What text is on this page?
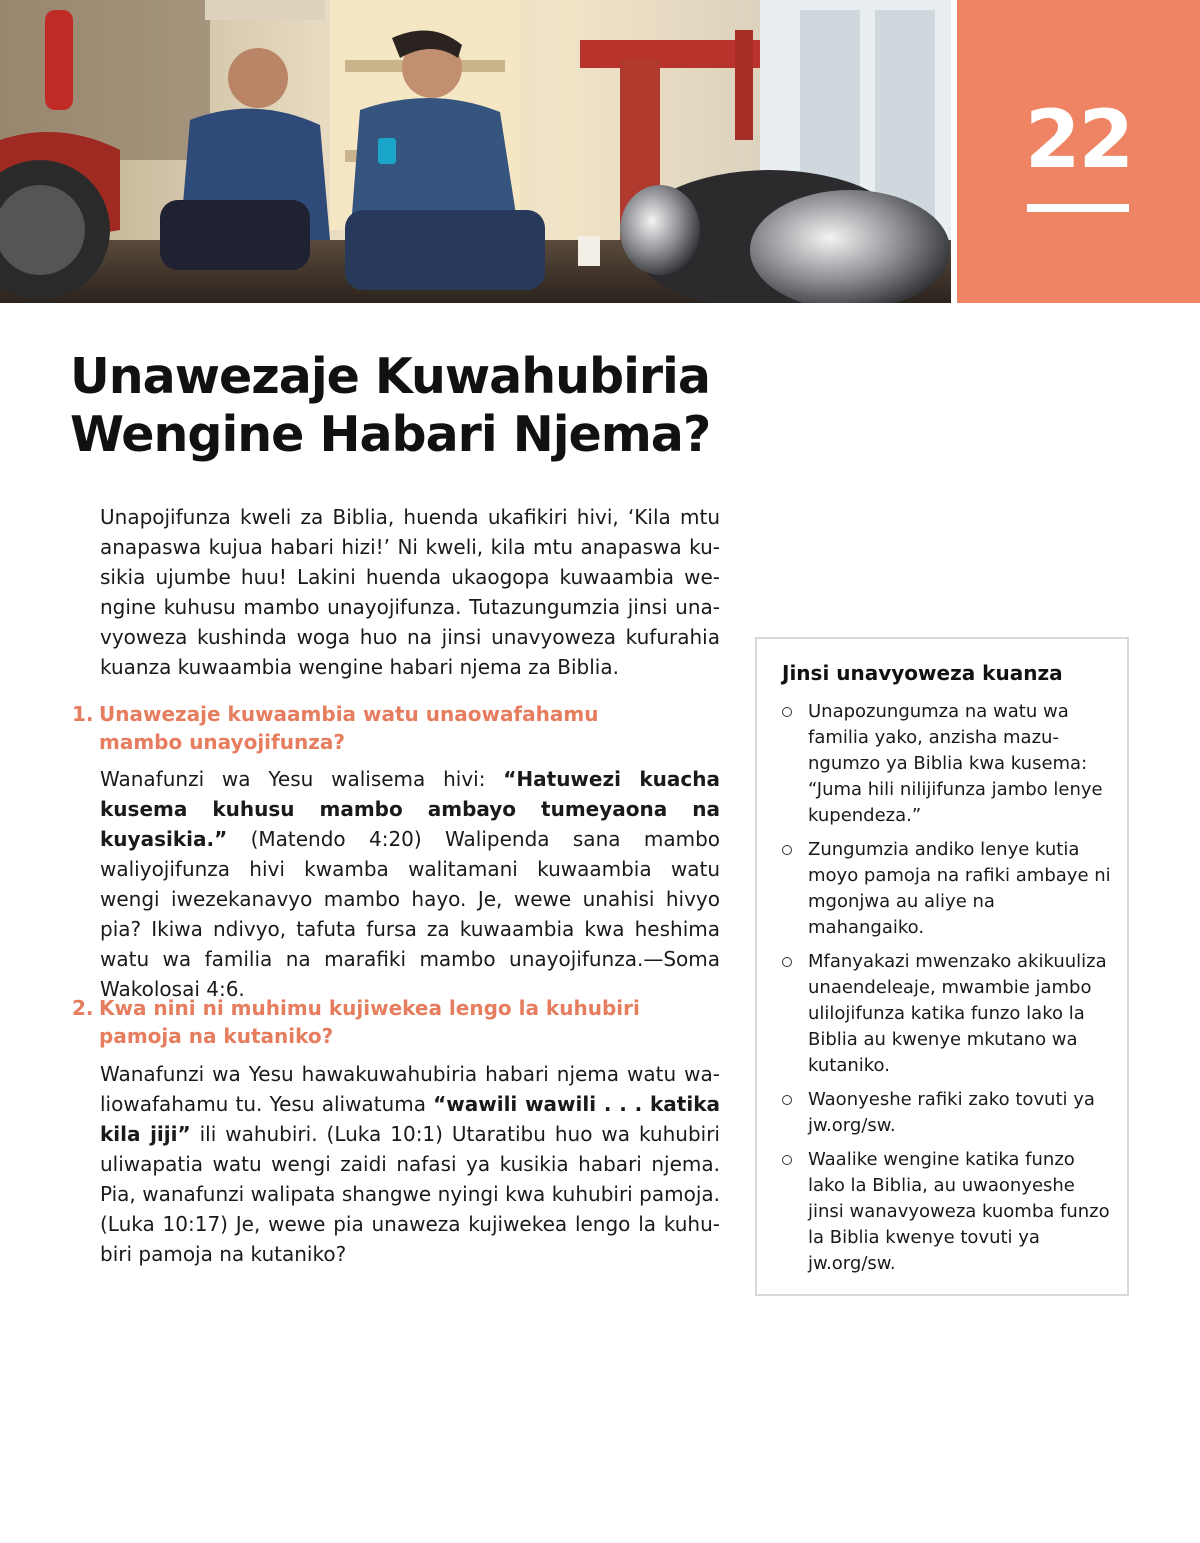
22
Unawezaje Kuwahubiria
Wengine Habari Njema?

Unapojifunza kweli za Biblia, huenda ukafikiri hivi, ‘Kila mtu anapaswa kujua habari hizi!’ Ni kweli, kila mtu anapaswa kusikia ujumbe huu! Lakini huenda ukaogopa kuwaambia wengine kuhusu mambo unayojifunza. Tutazungumzia jinsi unavyoweza kushinda woga huo na jinsi unavyoweza kufurahia kuanza kuwaambia wengine habari njema za Biblia.

1. Unawezaje kuwaambia watu unaowafahamu
mambo unayojifunza?

Wanafunzi wa Yesu walisema hivi: “Hatuwezi kuacha kusema kuhusu mambo ambayo tumeyaona na kuyasikia.” (Matendo 4:20) Walipenda sana mambo waliyojifunza hivi kwamba walitamani kuwaambia watu wengi iwezekanavyo mambo hayo. Je, wewe unahisi hivyo pia? Ikiwa ndivyo, tafuta fursa za kuwaambia kwa heshima watu wa familia na marafiki mambo unayojifunza.—Soma Wakolosai 4:6.

2. Kwa nini ni muhimu kujiwekea lengo la kuhubiri
pamoja na kutaniko?

Wanafunzi wa Yesu hawakuwahubiria habari njema watu waliowafahamu tu. Yesu aliwatuma “wawili wawili . . . katika kila jiji” ili wahubiri. (Luka 10:1) Utaratibu huo wa kuhubiri uliwapatia watu wengi zaidi nafasi ya kusikia habari njema. Pia, wanafunzi walipata shangwe nyingi kwa kuhubiri pamoja. (Luka 10:17) Je, wewe pia unaweza kujiwekea lengo la kuhubiri pamoja na kutaniko?

Jinsi unavyoweza kuanza
Unapozungumza na watu wa familia yako, anzisha mazungumzo ya Biblia kwa kusema: “Juma hili nilijifunza jambo lenye kupendeza.”
Zungumzia andiko lenye kutia moyo pamoja na rafiki ambaye ni mgonjwa au aliye na mahangaiko.
Mfanyakazi mwenzako akikuuliza unaendeleaje, mwambie jambo ulilojifunza katika funzo lako la Biblia au kwenye mkutano wa kutaniko.
Waonyeshe rafiki zako tovuti ya jw.org/sw.
Waalike wengine katika funzo lako la Biblia, au uwaonyeshe jinsi wanavyoweza kuomba funzo la Biblia kwenye tovuti ya jw.org/sw.
